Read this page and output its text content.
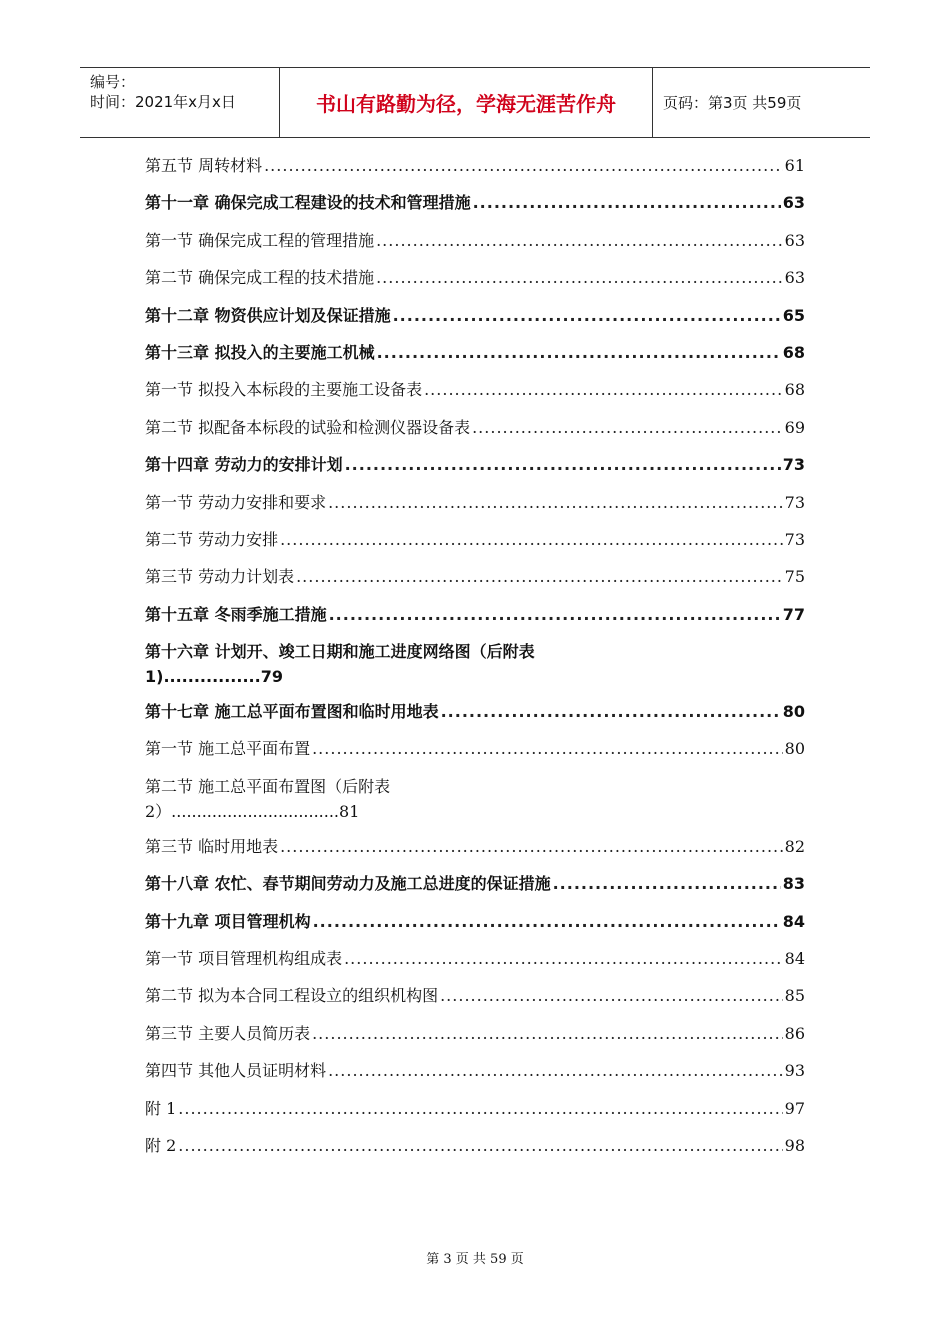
编号：
时间：2021年x月x日	书山有路勤为径，学海无涯苦作舟	页码：第3页 共59页
第五节 周转材料 .....	61
第十一章 确保完成工程建设的技术和管理措施 .....	63
第一节 确保完成工程的管理措施 .....	63
第二节 确保完成工程的技术措施 .....	63
第十二章 物资供应计划及保证措施 .....	65
第十三章 拟投入的主要施工机械 .....	68
第一节 拟投入本标段的主要施工设备表 .....	68
第二节 拟配备本标段的试验和检测仪器设备表 .....	69
第十四章 劳动力的安排计划 .....	73
第一节 劳动力安排和要求 .....	73
第二节 劳动力安排 .....	73
第三节 劳动力计划表 .....	75
第十五章 冬雨季施工措施 .....	77
第十六章 计划开、竣工日期和施工进度网络图（后附表
1)................79
第十七章 施工总平面布置图和临时用地表 .....	80
第一节 施工总平面布置 .....	80
第二节 施工总平面布置图（后附表
2）.................................81
第三节 临时用地表 .....	82
第十八章 农忙、春节期间劳动力及施工总进度的保证措施 .....	83
第十九章 项目管理机构 .....	84
第一节 项目管理机构组成表 .....	84
第二节 拟为本合同工程设立的组织机构图 .....	85
第三节 主要人员简历表 .....	86
第四节 其他人员证明材料 .....	93
附 1 .....	97
附 2 .....	98
第 3 页 共 59 页
